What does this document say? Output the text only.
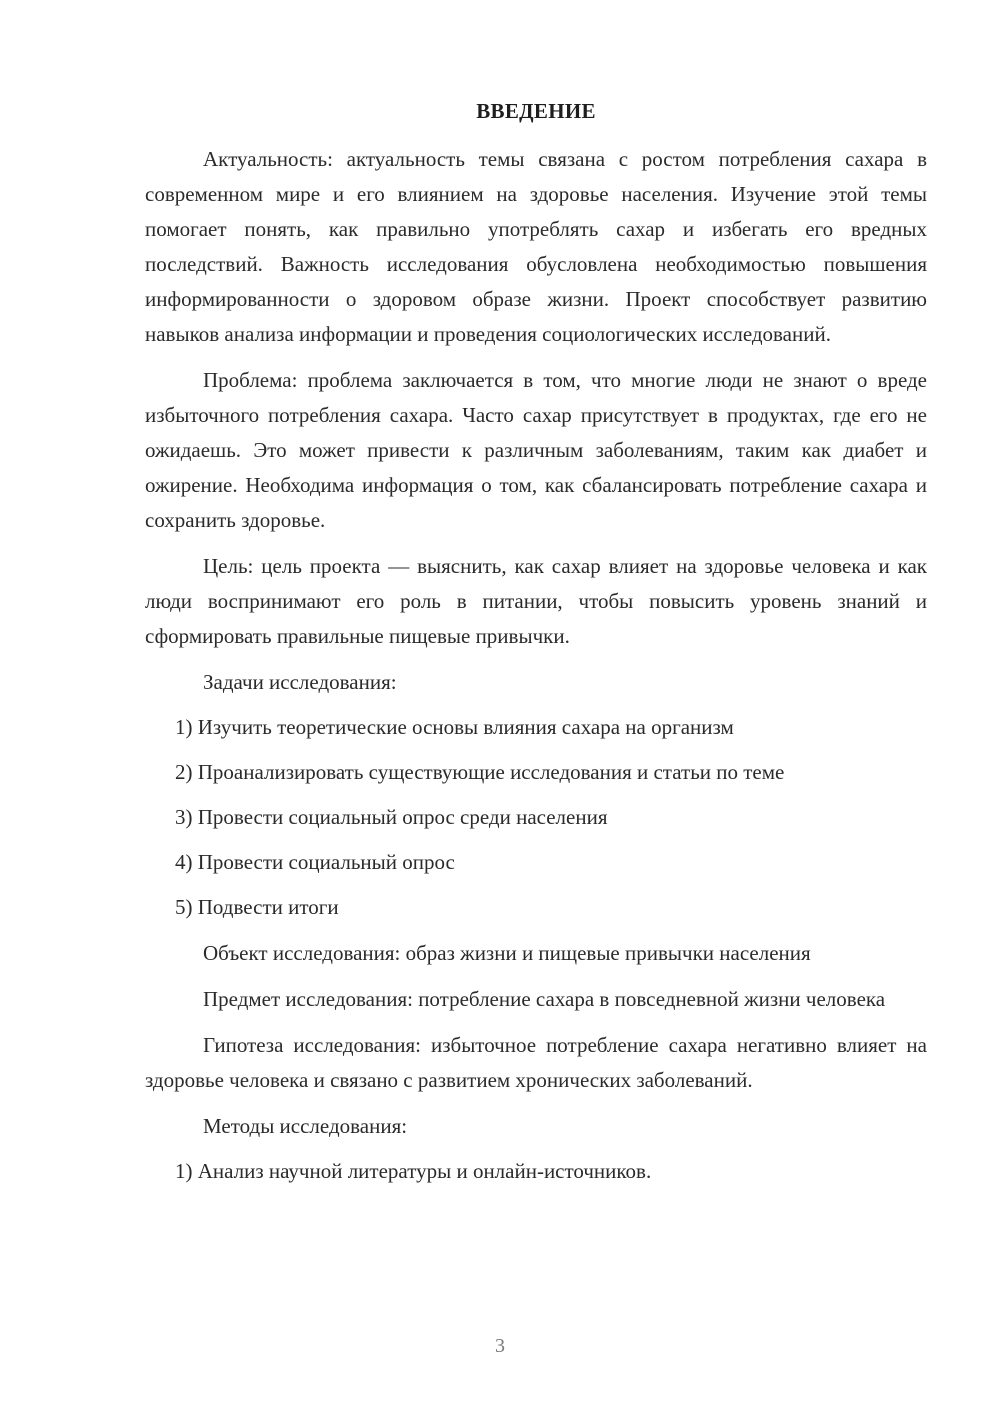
ВВЕДЕНИЕ

Актуальность: актуальность темы связана с ростом потребления сахара в современном мире и его влиянием на здоровье населения. Изучение этой темы помогает понять, как правильно употреблять сахар и избегать его вредных последствий. Важность исследования обусловлена необходимостью повышения информированности о здоровом образе жизни. Проект способствует развитию навыков анализа информации и проведения социологических исследований.

Проблема: проблема заключается в том, что многие люди не знают о вреде избыточного потребления сахара. Часто сахар присутствует в продуктах, где его не ожидаешь. Это может привести к различным заболеваниям, таким как диабет и ожирение. Необходима информация о том, как сбалансировать потребление сахара и сохранить здоровье.

Цель: цель проекта — выяснить, как сахар влияет на здоровье человека и как люди воспринимают его роль в питании, чтобы повысить уровень знаний и сформировать правильные пищевые привычки.

Задачи исследования:

1) Изучить теоретические основы влияния сахара на организм

2) Проанализировать существующие исследования и статьи по теме

3) Провести социальный опрос среди населения

4) Провести социальный опрос

5) Подвести итоги

Объект исследования: образ жизни и пищевые привычки населения

Предмет исследования: потребление сахара в повседневной жизни человека

Гипотеза исследования: избыточное потребление сахара негативно влияет на здоровье человека и связано с развитием хронических заболеваний.

Методы исследования:

1) Анализ научной литературы и онлайн-источников.

3
